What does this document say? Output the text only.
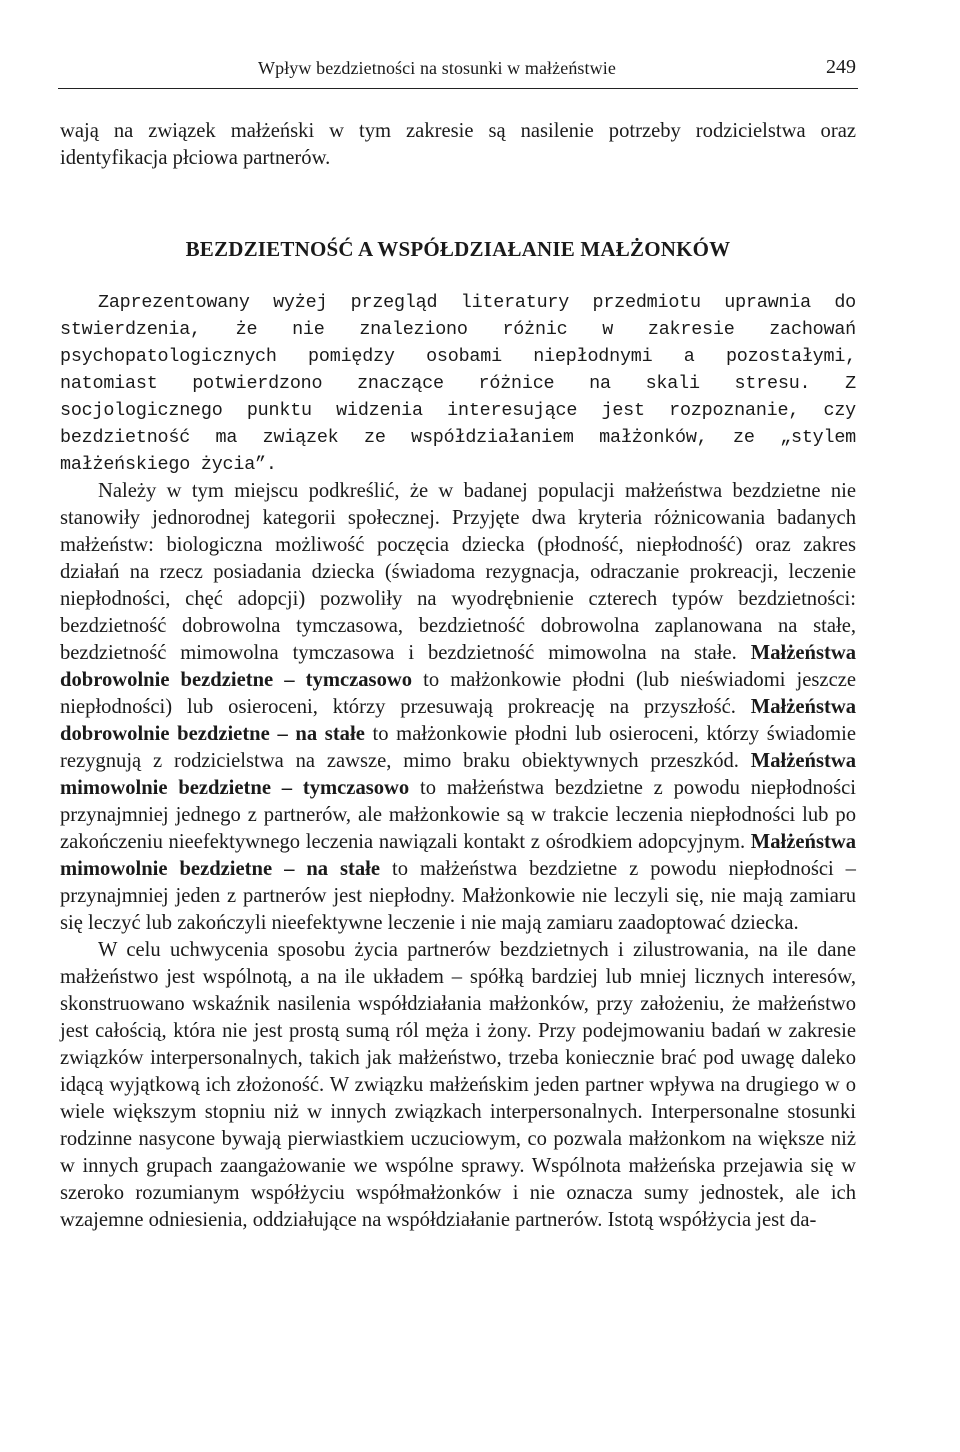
Wpływ bezdzietności na stosunki w małżeństwie	249

wają na związek małżeński w tym zakresie są nasilenie potrzeby rodzicielstwa oraz identyfikacja płciowa partnerów.

BEZDZIETNOŚĆ A WSPÓŁDZIAŁANIE MAŁŻONKÓW

Zaprezentowany wyżej przegląd literatury przedmiotu uprawnia do stwierdzenia, że nie znaleziono różnic w zakresie zachowań psychopatologicznych pomiędzy osobami niepłodnymi a pozostałymi, natomiast potwierdzono znaczące różnice na skali stresu. Z socjologicznego punktu widzenia interesujące jest rozpoznanie, czy bezdzietność ma związek ze współdziałaniem małżonków, ze „stylem małżeńskiego życia”.

Należy w tym miejscu podkreślić, że w badanej populacji małżeństwa bezdzietne nie stanowiły jednorodnej kategorii społecznej. Przyjęte dwa kryteria różnicowania badanych małżeństw: biologiczna możliwość poczęcia dziecka (płodność, niepłodność) oraz zakres działań na rzecz posiadania dziecka (świadoma rezygnacja, odraczanie prokreacji, leczenie niepłodności, chęć adopcji) pozwoliły na wyodrębnienie czterech typów bezdzietności: bezdzietność dobrowolna tymczasowa, bezdzietność dobrowolna zaplanowana na stałe, bezdzietność mimowolna tymczasowa i bezdzietność mimowolna na stałe. Małżeństwa dobrowolnie bezdzietne – tymczasowo to małżonkowie płodni (lub nieświadomi jeszcze niepłodności) lub osieroceni, którzy przesuwają prokreację na przyszłość. Małżeństwa dobrowolnie bezdzietne – na stałe to małżonkowie płodni lub osieroceni, którzy świadomie rezygnują z rodzicielstwa na zawsze, mimo braku obiektywnych przeszkód. Małżeństwa mimowolnie bezdzietne – tymczasowo to małżeństwa bezdzietne z powodu niepłodności przynajmniej jednego z partnerów, ale małżonkowie są w trakcie leczenia niepłodności lub po zakończeniu nieefektywnego leczenia nawiązali kontakt z ośrodkiem adopcyjnym. Małżeństwa mimowolnie bezdzietne – na stałe to małżeństwa bezdzietne z powodu niepłodności – przynajmniej jeden z partnerów jest niepłodny. Małżonkowie nie leczyli się, nie mają zamiaru się leczyć lub zakończyli nieefektywne leczenie i nie mają zamiaru zaadoptować dziecka.

W celu uchwycenia sposobu życia partnerów bezdzietnych i zilustrowania, na ile dane małżeństwo jest wspólnotą, a na ile układem – spółką bardziej lub mniej licznych interesów, skonstruowano wskaźnik nasilenia współdziałania małżonków, przy założeniu, że małżeństwo jest całością, która nie jest prostą sumą ról męża i żony. Przy podejmowaniu badań w zakresie związków interpersonalnych, takich jak małżeństwo, trzeba koniecznie brać pod uwagę daleko idącą wyjątkową ich złożoność. W związku małżeńskim jeden partner wpływa na drugiego w o wiele większym stopniu niż w innych związkach interpersonalnych. Interpersonalne stosunki rodzinne nasycone bywają pierwiastkiem uczuciowym, co pozwala małżonkom na większe niż w innych grupach zaangażowanie we wspólne sprawy. Wspólnota małżeńska przejawia się w szeroko rozumianym współżyciu współmałżonków i nie oznacza sumy jednostek, ale ich wzajemne odniesienia, oddziałujące na współdziałanie partnerów. Istotą współżycia jest da-
